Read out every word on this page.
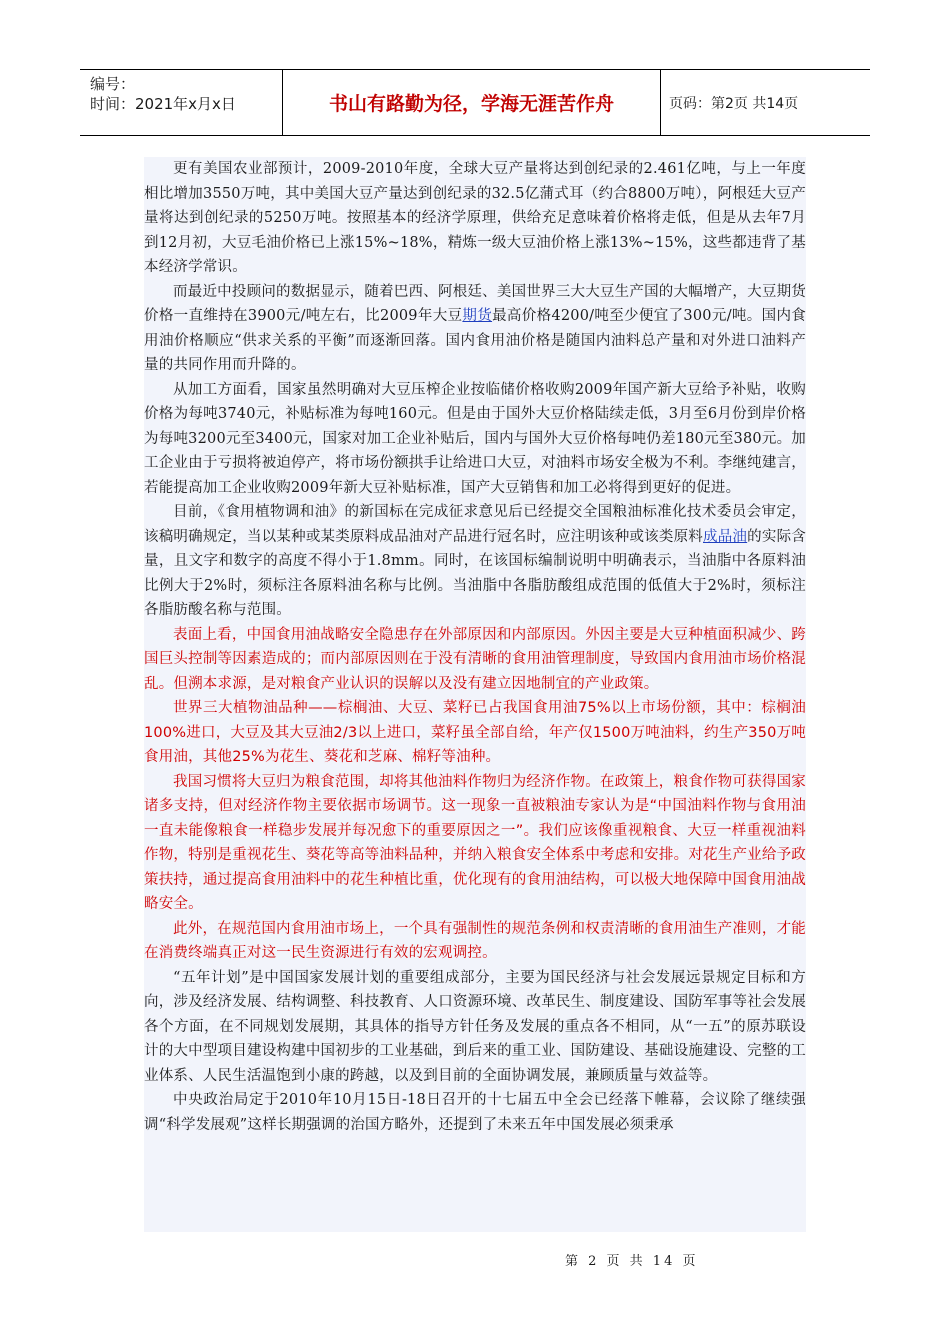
编号：
时间：2021年x月x日	书山有路勤为径，学海无涯苦作舟	页码：第2页 共14页

更有美国农业部预计，2009-2010年度，全球大豆产量将达到创纪录的2.461亿吨，与上一年度相比增加3550万吨，其中美国大豆产量达到创纪录的32.5亿蒲式耳（约合8800万吨），阿根廷大豆产量将达到创纪录的5250万吨。按照基本的经济学原理，供给充足意味着价格将走低，但是从去年7月到12月初，大豆毛油价格已上涨15%~18%，精炼一级大豆油价格上涨13%~15%，这些都违背了基本经济学常识。

而最近中投顾问的数据显示，随着巴西、阿根廷、美国世界三大大豆生产国的大幅增产，大豆期货价格一直维持在3900元/吨左右，比2009年大豆期货最高价格4200/吨至少便宜了300元/吨。国内食用油价格顺应“供求关系的平衡”而逐渐回落。国内食用油价格是随国内油料总产量和对外进口油料产量的共同作用而升降的。

从加工方面看，国家虽然明确对大豆压榨企业按临储价格收购2009年国产新大豆给予补贴，收购价格为每吨3740元，补贴标准为每吨160元。但是由于国外大豆价格陆续走低，3月至6月份到岸价格为每吨3200元至3400元，国家对加工企业补贴后，国内与国外大豆价格每吨仍差180元至380元。加工企业由于亏损将被迫停产，将市场份额拱手让给进口大豆，对油料市场安全极为不利。李继纯建言，若能提高加工企业收购2009年新大豆补贴标准，国产大豆销售和加工必将得到更好的促进。

目前，《食用植物调和油》的新国标在完成征求意见后已经提交全国粮油标准化技术委员会审定，该稿明确规定，当以某种或某类原料成品油对产品进行冠名时，应注明该种或该类原料成品油的实际含量，且文字和数字的高度不得小于1.8mm。同时，在该国标编制说明中明确表示，当油脂中各原料油比例大于2%时，须标注各原料油名称与比例。当油脂中各脂肪酸组成范围的低值大于2%时，须标注各脂肪酸名称与范围。

表面上看，中国食用油战略安全隐患存在外部原因和内部原因。外因主要是大豆种植面积减少、跨国巨头控制等因素造成的；而内部原因则在于没有清晰的食用油管理制度，导致国内食用油市场价格混乱。但溯本求源，是对粮食产业认识的误解以及没有建立因地制宜的产业政策。

世界三大植物油品种——棕榈油、大豆、菜籽已占我国食用油75%以上市场份额，其中：棕榈油100%进口，大豆及其大豆油2/3以上进口，菜籽虽全部自给，年产仅1500万吨油料，约生产350万吨食用油，其他25%为花生、葵花和芝麻、棉籽等油种。

我国习惯将大豆归为粮食范围，却将其他油料作物归为经济作物。在政策上，粮食作物可获得国家诸多支持，但对经济作物主要依据市场调节。这一现象一直被粮油专家认为是“中国油料作物与食用油一直未能像粮食一样稳步发展并每况愈下的重要原因之一”。我们应该像重视粮食、大豆一样重视油料作物，特别是重视花生、葵花等高等油料品种，并纳入粮食安全体系中考虑和安排。对花生产业给予政策扶持，通过提高食用油料中的花生种植比重，优化现有的食用油结构，可以极大地保障中国食用油战略安全。

此外，在规范国内食用油市场上，一个具有强制性的规范条例和权责清晰的食用油生产准则，才能在消费终端真正对这一民生资源进行有效的宏观调控。

“五年计划”是中国国家发展计划的重要组成部分，主要为国民经济与社会发展远景规定目标和方向，涉及经济发展、结构调整、科技教育、人口资源环境、改革民生、制度建设、国防军事等社会发展各个方面，在不同规划发展期，其具体的指导方针任务及发展的重点各不相同，从“一五”的原苏联设计的大中型项目建设构建中国初步的工业基础，到后来的重工业、国防建设、基础设施建设、完整的工业体系、人民生活温饱到小康的跨越，以及到目前的全面协调发展，兼顾质量与效益等。

中央政治局定于2010年10月15日-18日召开的十七届五中全会已经落下帷幕，会议除了继续强调“科学发展观”这样长期强调的治国方略外，还提到了未来五年中国发展必须秉承

第 2 页 共 14 页
